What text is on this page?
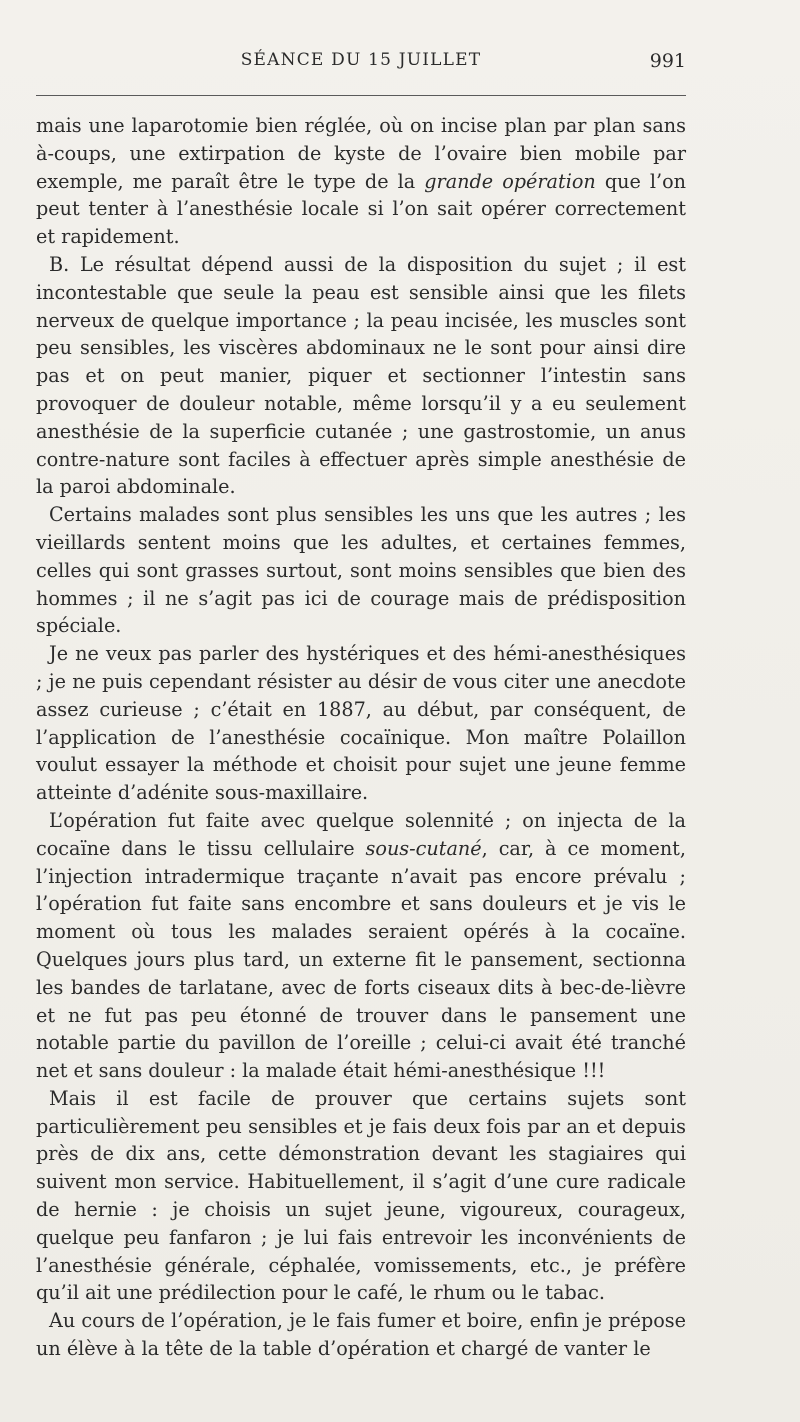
SÉANCE DU 15 JUILLET	991

mais une laparotomie bien réglée, où on incise plan par plan sans à-coups, une extirpation de kyste de l’ovaire bien mobile par exemple, me paraît être le type de la grande opération que l’on peut tenter à l’anesthésie locale si l’on sait opérer correctement et rapidement.

B. Le résultat dépend aussi de la disposition du sujet ; il est incontestable que seule la peau est sensible ainsi que les filets nerveux de quelque importance ; la peau incisée, les muscles sont peu sensibles, les viscères abdominaux ne le sont pour ainsi dire pas et on peut manier, piquer et sectionner l’intestin sans provoquer de douleur notable, même lorsqu’il y a eu seulement anesthésie de la superficie cutanée ; une gastrostomie, un anus contre-nature sont faciles à effectuer après simple anesthésie de la paroi abdominale.

Certains malades sont plus sensibles les uns que les autres ; les vieillards sentent moins que les adultes, et certaines femmes, celles qui sont grasses surtout, sont moins sensibles que bien des hommes ; il ne s’agit pas ici de courage mais de prédisposition spéciale.

Je ne veux pas parler des hystériques et des hémi-anesthésiques ; je ne puis cependant résister au désir de vous citer une anecdote assez curieuse ; c’était en 1887, au début, par conséquent, de l’application de l’anesthésie cocaïnique. Mon maître Polaillon voulut essayer la méthode et choisit pour sujet une jeune femme atteinte d’adénite sous-maxillaire.

L’opération fut faite avec quelque solennité ; on injecta de la cocaïne dans le tissu cellulaire sous-cutané, car, à ce moment, l’injection intradermique traçante n’avait pas encore prévalu ; l’opération fut faite sans encombre et sans douleurs et je vis le moment où tous les malades seraient opérés à la cocaïne. Quelques jours plus tard, un externe fit le pansement, sectionna les bandes de tarlatane, avec de forts ciseaux dits à bec-de-lièvre et ne fut pas peu étonné de trouver dans le pansement une notable partie du pavillon de l’oreille ; celui-ci avait été tranché net et sans douleur : la malade était hémi-anesthésique !!!

Mais il est facile de prouver que certains sujets sont particulièrement peu sensibles et je fais deux fois par an et depuis près de dix ans, cette démonstration devant les stagiaires qui suivent mon service. Habituellement, il s’agit d’une cure radicale de hernie : je choisis un sujet jeune, vigoureux, courageux, quelque peu fanfaron ; je lui fais entrevoir les inconvénients de l’anesthésie générale, céphalée, vomissements, etc., je préfère qu’il ait une prédilection pour le café, le rhum ou le tabac.

Au cours de l’opération, je le fais fumer et boire, enfin je prépose un élève à la tête de la table d’opération et chargé de vanter le
